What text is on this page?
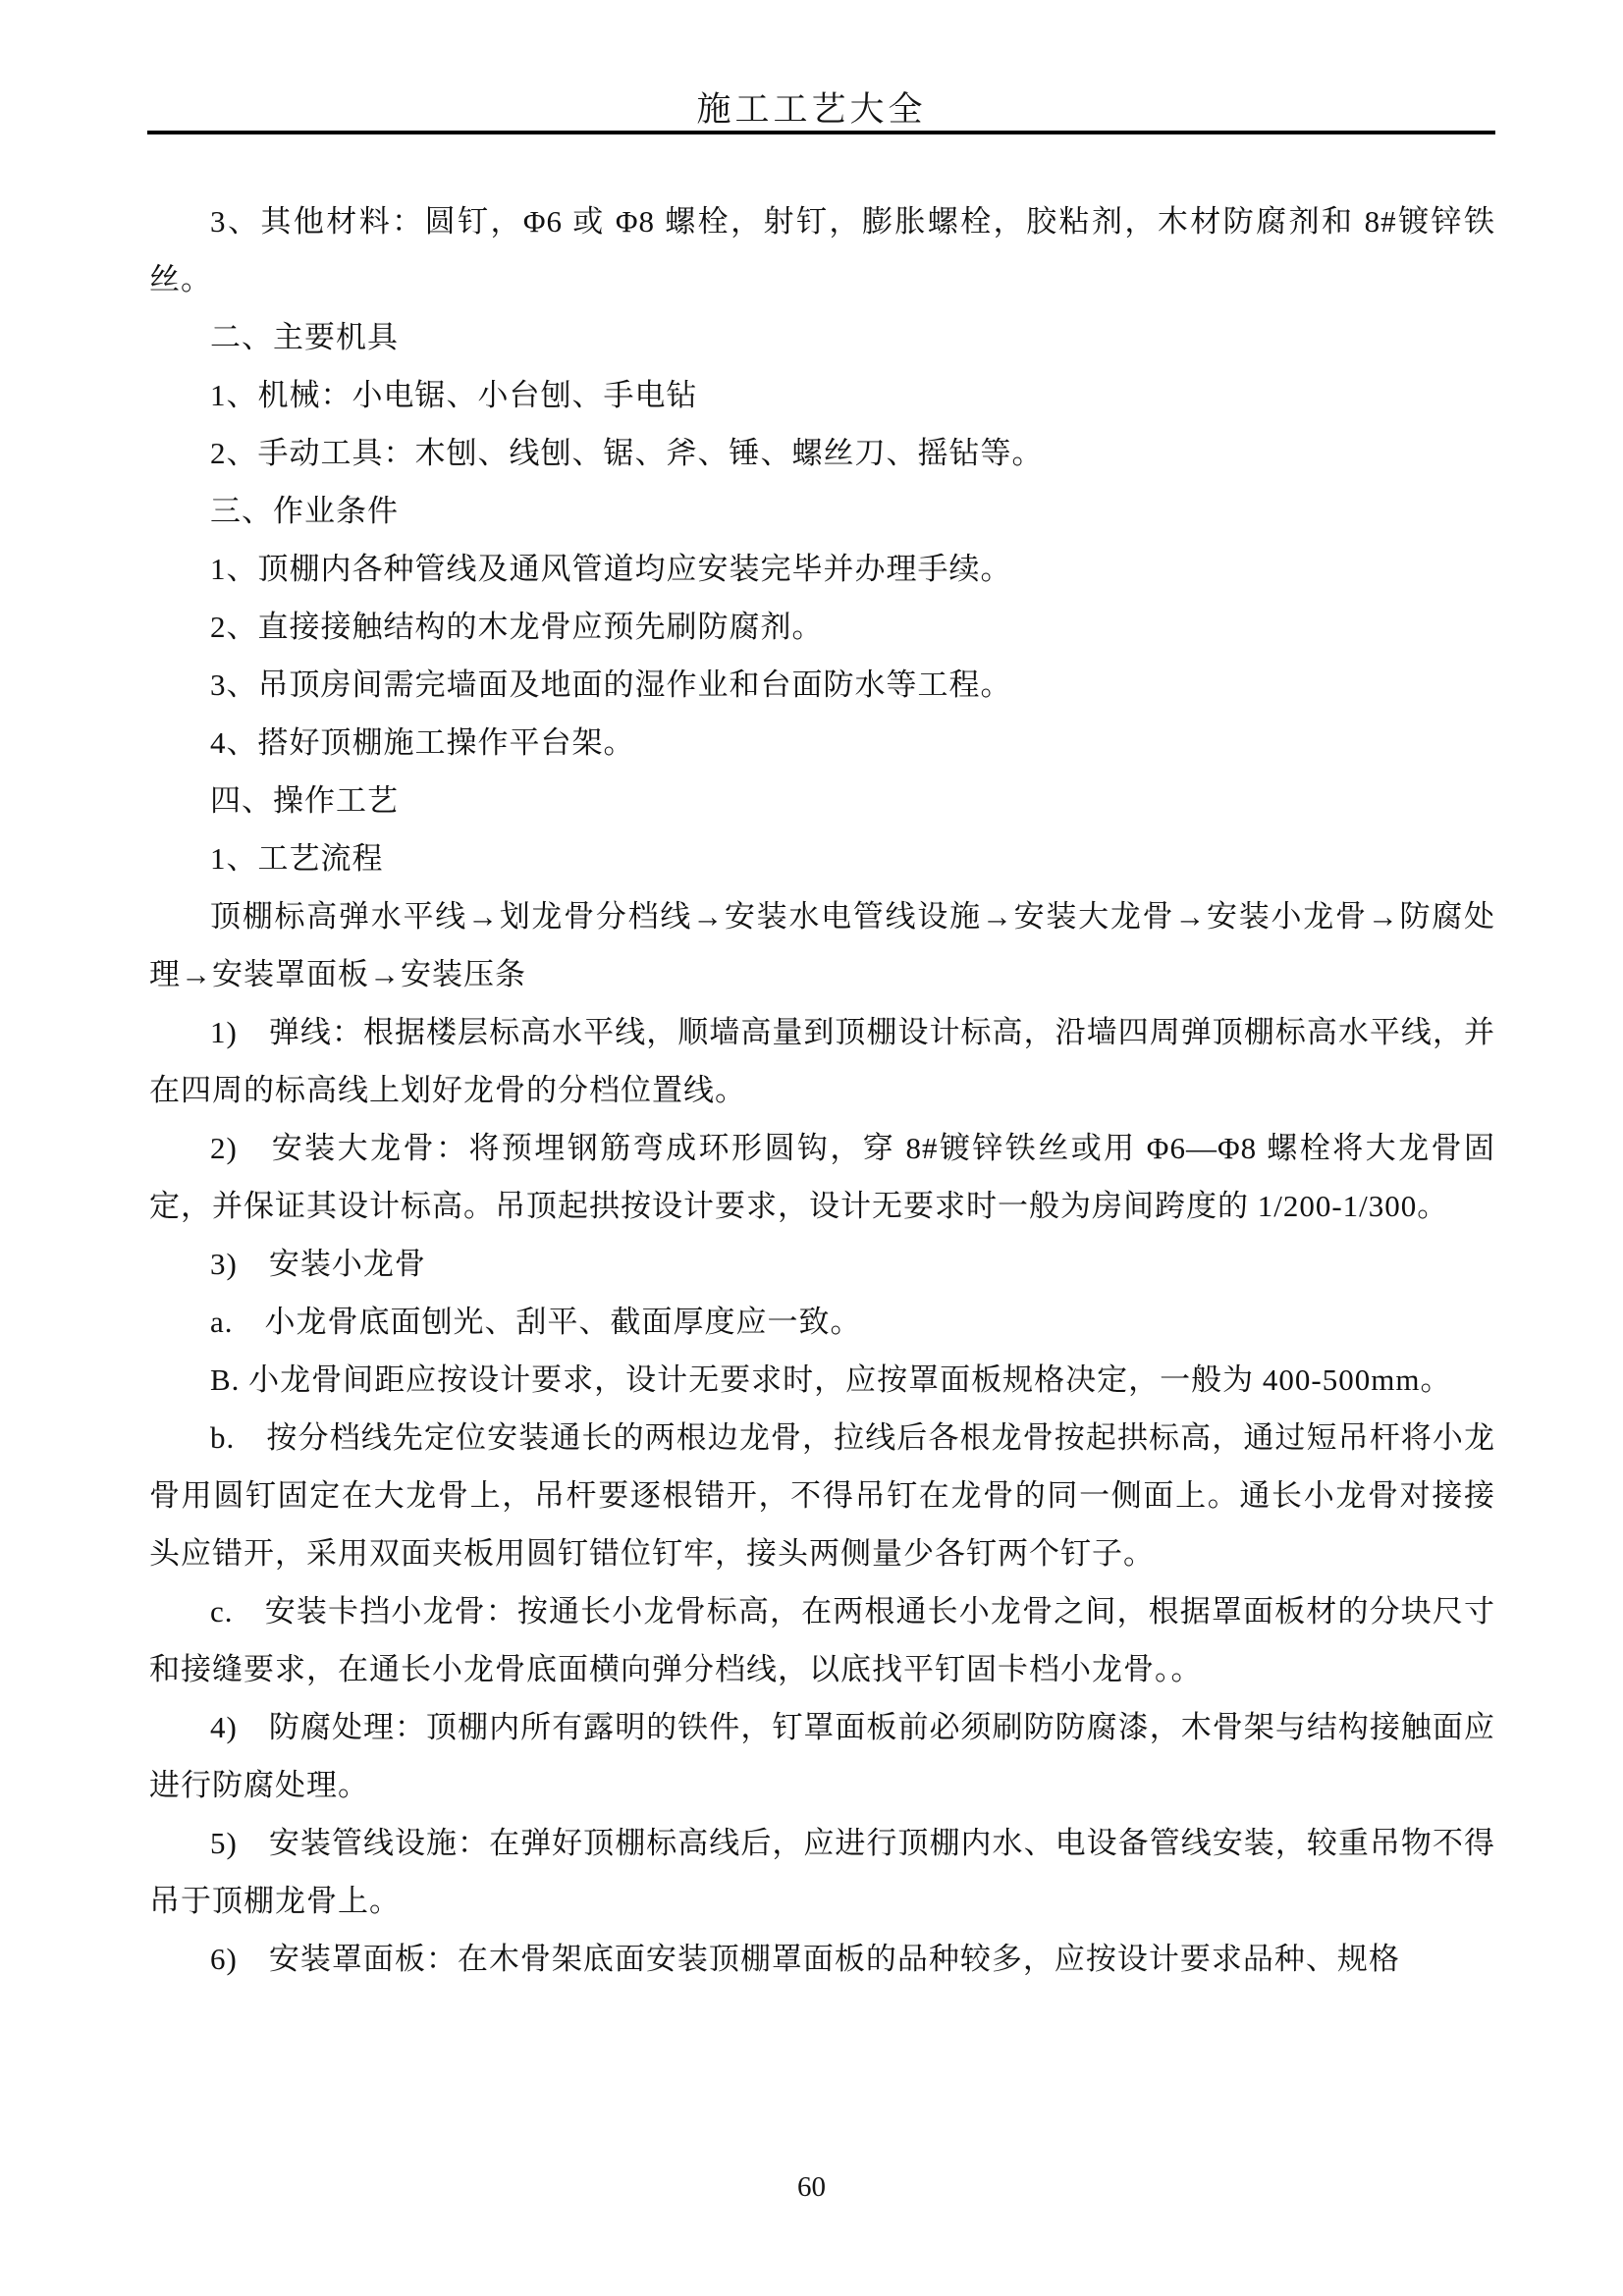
施工工艺大全

3、其他材料：圆钉，Φ6 或 Φ8 螺栓，射钉，膨胀螺栓，胶粘剂，木材防腐剂和 8#镀锌铁丝。

二、主要机具

1、机械：小电锯、小台刨、手电钻

2、手动工具：木刨、线刨、锯、斧、锤、螺丝刀、摇钻等。

三、作业条件

1、顶棚内各种管线及通风管道均应安装完毕并办理手续。

2、直接接触结构的木龙骨应预先刷防腐剂。

3、吊顶房间需完墙面及地面的湿作业和台面防水等工程。

4、搭好顶棚施工操作平台架。

四、操作工艺

1、工艺流程

顶棚标高弹水平线→划龙骨分档线→安装水电管线设施→安装大龙骨→安装小龙骨→防腐处理→安装罩面板→安装压条

1)　弹线：根据楼层标高水平线，顺墙高量到顶棚设计标高，沿墙四周弹顶棚标高水平线，并在四周的标高线上划好龙骨的分档位置线。

2)　安装大龙骨：将预埋钢筋弯成环形圆钩，穿 8#镀锌铁丝或用 Φ6—Φ8 螺栓将大龙骨固定，并保证其设计标高。吊顶起拱按设计要求，设计无要求时一般为房间跨度的 1/200-1/300。

3)　安装小龙骨

a.　小龙骨底面刨光、刮平、截面厚度应一致。

B. 小龙骨间距应按设计要求，设计无要求时，应按罩面板规格决定，一般为 400-500mm。

b.　按分档线先定位安装通长的两根边龙骨，拉线后各根龙骨按起拱标高，通过短吊杆将小龙骨用圆钉固定在大龙骨上，吊杆要逐根错开，不得吊钉在龙骨的同一侧面上。通长小龙骨对接接头应错开，采用双面夹板用圆钉错位钉牢，接头两侧量少各钉两个钉子。

c.　安装卡挡小龙骨：按通长小龙骨标高，在两根通长小龙骨之间，根据罩面板材的分块尺寸和接缝要求，在通长小龙骨底面横向弹分档线，以底找平钉固卡档小龙骨。。

4)　防腐处理：顶棚内所有露明的铁件，钉罩面板前必须刷防防腐漆，木骨架与结构接触面应进行防腐处理。

5)　安装管线设施：在弹好顶棚标高线后，应进行顶棚内水、电设备管线安装，较重吊物不得吊于顶棚龙骨上。

6)　安装罩面板：在木骨架底面安装顶棚罩面板的品种较多，应按设计要求品种、规格

60
